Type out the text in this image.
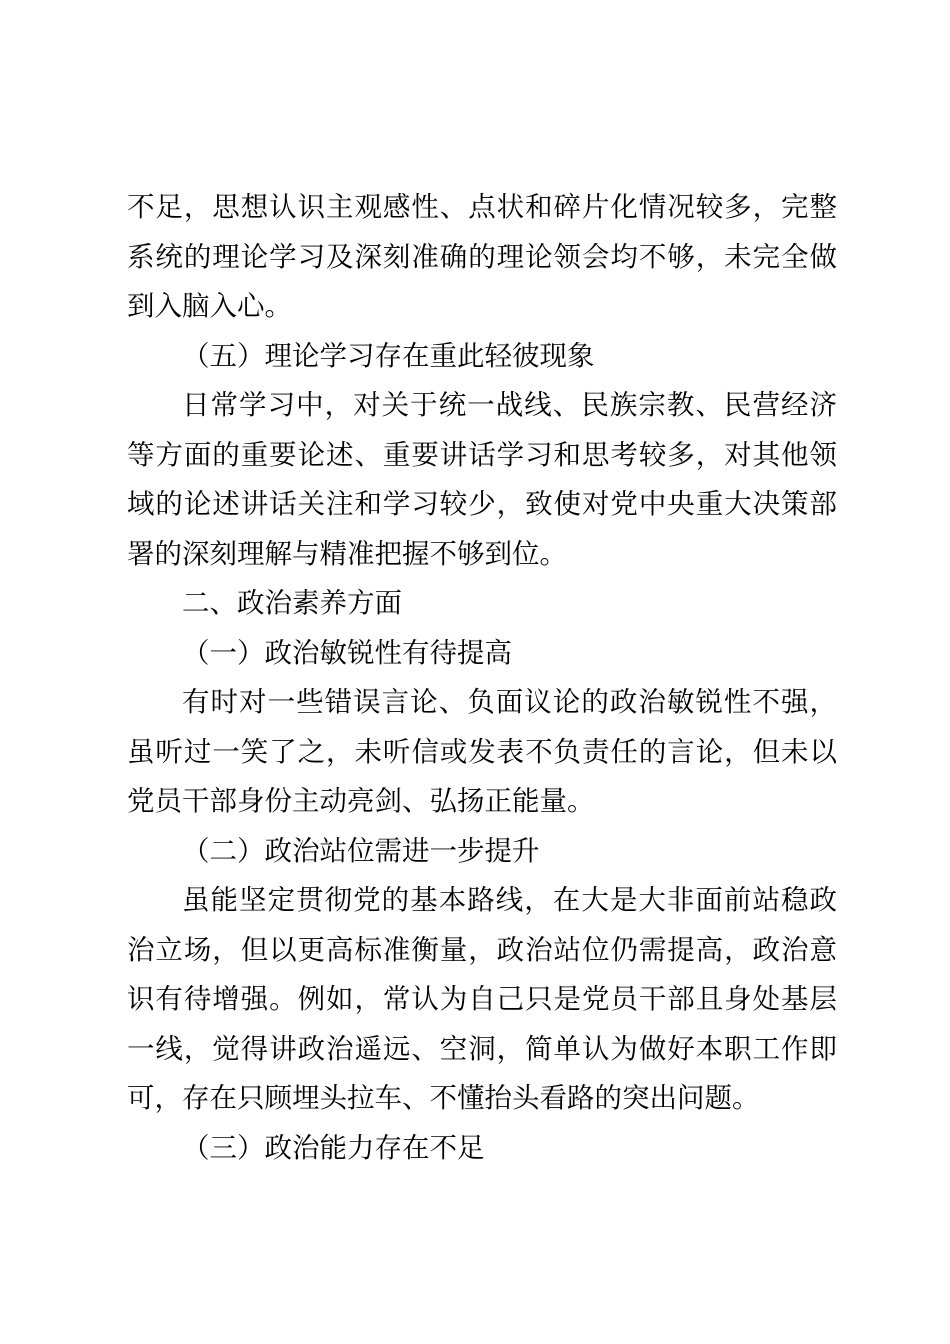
不足，思想认识主观感性、点状和碎片化情况较多，完整系统的理论学习及深刻准确的理论领会均不够，未完全做到入脑入心。

（五）理论学习存在重此轻彼现象

日常学习中，对关于统一战线、民族宗教、民营经济等方面的重要论述、重要讲话学习和思考较多，对其他领域的论述讲话关注和学习较少，致使对党中央重大决策部署的深刻理解与精准把握不够到位。

二、政治素养方面

（一）政治敏锐性有待提高

有时对一些错误言论、负面议论的政治敏锐性不强，虽听过一笑了之，未听信或发表不负责任的言论，但未以党员干部身份主动亮剑、弘扬正能量。

（二）政治站位需进一步提升

虽能坚定贯彻党的基本路线，在大是大非面前站稳政治立场，但以更高标准衡量，政治站位仍需提高，政治意识有待增强。例如，常认为自己只是党员干部且身处基层一线，觉得讲政治遥远、空洞，简单认为做好本职工作即可，存在只顾埋头拉车、不懂抬头看路的突出问题。

（三）政治能力存在不足
